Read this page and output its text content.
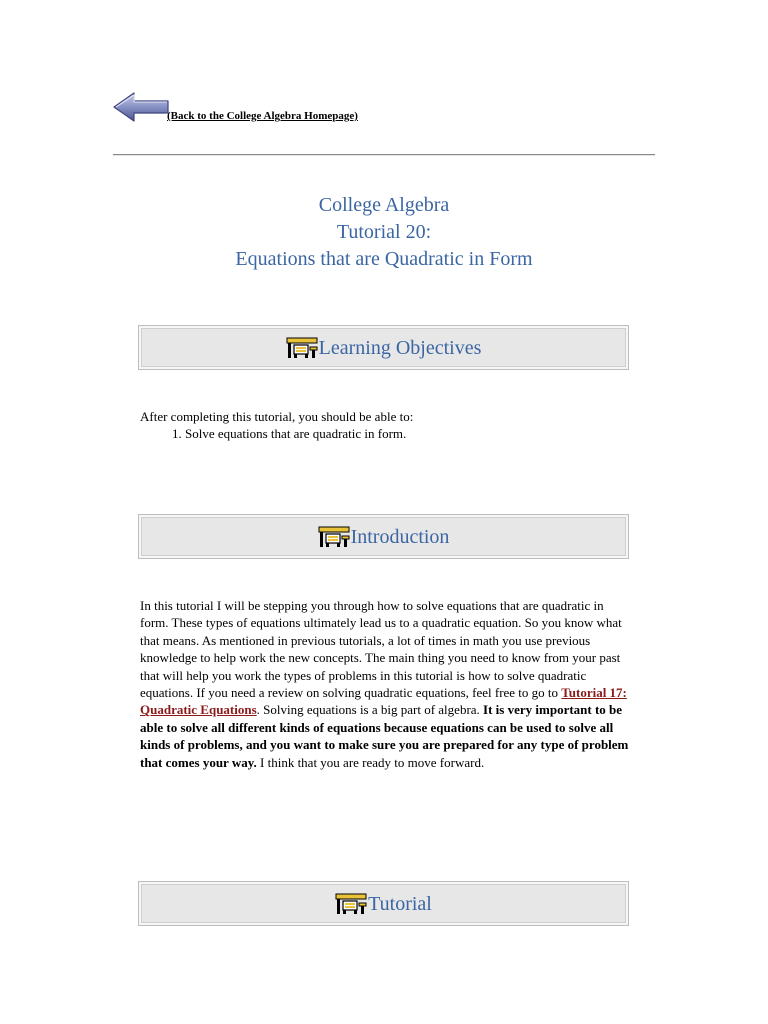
(Back to the College Algebra Homepage)
College Algebra
Tutorial 20:
Equations that are Quadratic in Form
Learning Objectives
After completing this tutorial, you should be able to:
1. Solve equations that are quadratic in form.
Introduction
In this tutorial I will be stepping you through how to solve equations that are quadratic in form. These types of equations ultimately lead us to a quadratic equation. So you know what that means. As mentioned in previous tutorials, a lot of times in math you use previous knowledge to help work the new concepts. The main thing you need to know from your past that will help you work the types of problems in this tutorial is how to solve quadratic equations. If you need a review on solving quadratic equations, feel free to go to Tutorial 17: Quadratic Equations. Solving equations is a big part of algebra. It is very important to be able to solve all different kinds of equations because equations can be used to solve all kinds of problems, and you want to make sure you are prepared for any type of problem that comes your way. I think that you are ready to move forward.
Tutorial
